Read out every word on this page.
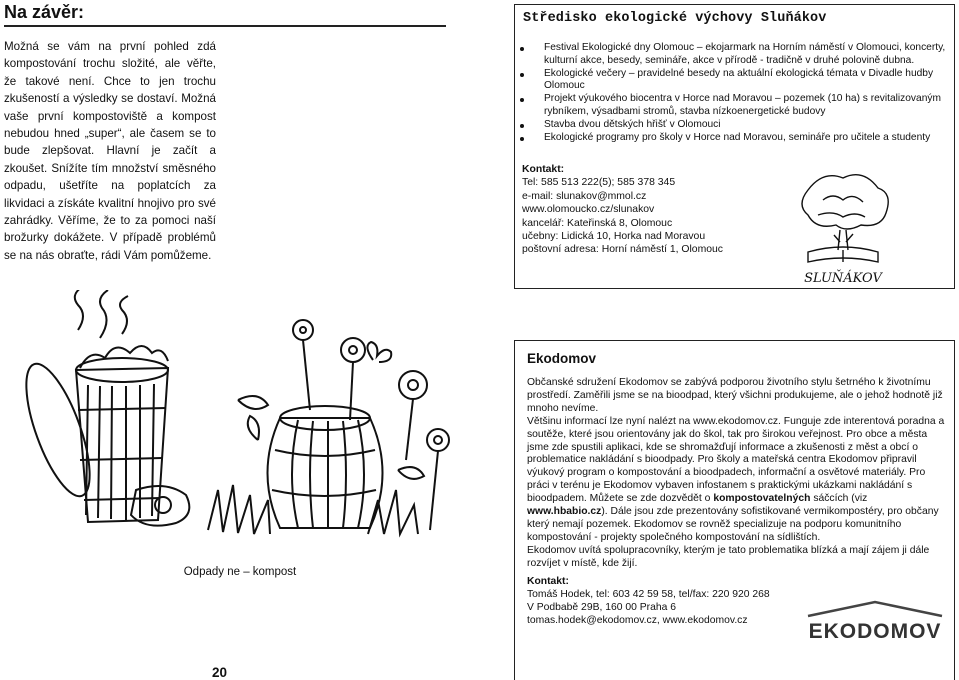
Na závěr:

Možná se vám na první pohled zdá kompostování trochu složité, ale věřte, že takové není. Chce to jen trochu zkušeností a výsledky se dostaví. Možná vaše první kompostoviště a kompost nebudou hned „super“, ale časem se to bude zlepšovat. Hlavní je začít a zkoušet. Snížíte tím množství směsného odpadu, ušetříte na poplatcích za likvidaci a získáte kvalitní hnojivo pro své zahrádky. Věříme, že to za pomoci naší brožurky dokážete. V případě problémů se na nás obraťte, rádi Vám pomůžeme.

Odpady ne – kompost
20
Středisko ekologické výchovy Sluňákov
Festival Ekologické dny Olomouc – ekojarmark na Horním náměstí v Olomouci, koncerty, kulturní akce, besedy, semináře, akce v přírodě - tradičně v druhé polovině dubna.
Ekologické večery – pravidelné besedy na aktuální ekologická témata v Divadle hudby Olomouc
Projekt výukového biocentra v Horce nad Moravou – pozemek (10 ha) s revitalizovaným rybníkem, výsadbami stromů, stavba nízkoenergetické budovy
Stavba dvou dětských hřišť v Olomouci
Ekologické programy pro školy v Horce nad Moravou, semináře pro učitele a studenty
Kontakt:
Tel: 585 513 222(5); 585 378 345
e-mail: slunakov@mmol.cz
www.olomoucko.cz/slunakov
kancelář: Kateřinská 8, Olomouc
učebny: Lidická 10, Horka nad Moravou
poštovní adresa: Horní náměstí 1, Olomouc
SLUŇÁKOV
Ekodomov

Občanské sdružení Ekodomov se zabývá podporou životního stylu šetrného k životnímu prostředí. Zaměřili jsme se na bioodpad, který všichni produkujeme, ale o jehož hodnotě již mnoho nevíme.

Většinu informací lze nyní nalézt na www.ekodomov.cz. Funguje zde interentová poradna a soutěže, které jsou orientovány jak do škol, tak pro širokou veřejnost. Pro obce a města jsme zde spustili aplikaci, kde se shromažďují informace a zkušenosti z měst a obcí o problematice nakládání s bioodpady. Pro školy a mateřská centra Ekodomov připravil výukový program o kompostování a bioodpadech, informační a osvětové materiály. Pro práci v terénu je Ekodomov vybaven infostanem s praktickými ukázkami nakládání s bioodpadem. Můžete se zde dozvědět o kompostovatelných sáčcích (viz www.hbabio.cz). Dále jsou zde prezentovány sofistikované vermikompostéry, pro občany který nemají pozemek. Ekodomov se rovněž specializuje na podporu komunitního kompostování - projekty společného kompostování na sídlištích.

Ekodomov uvítá spolupracovníky, kterým je tato problematika blízká a mají zájem ji dále rozvíjet v místě, kde žijí.

Kontakt:
Tomáš Hodek, tel: 603 42 59 58, tel/fax: 220 920 268
V Podbabě 29B, 160 00 Praha 6
tomas.hodek@ekodomov.cz, www.ekodomov.cz	EKODOMOV
